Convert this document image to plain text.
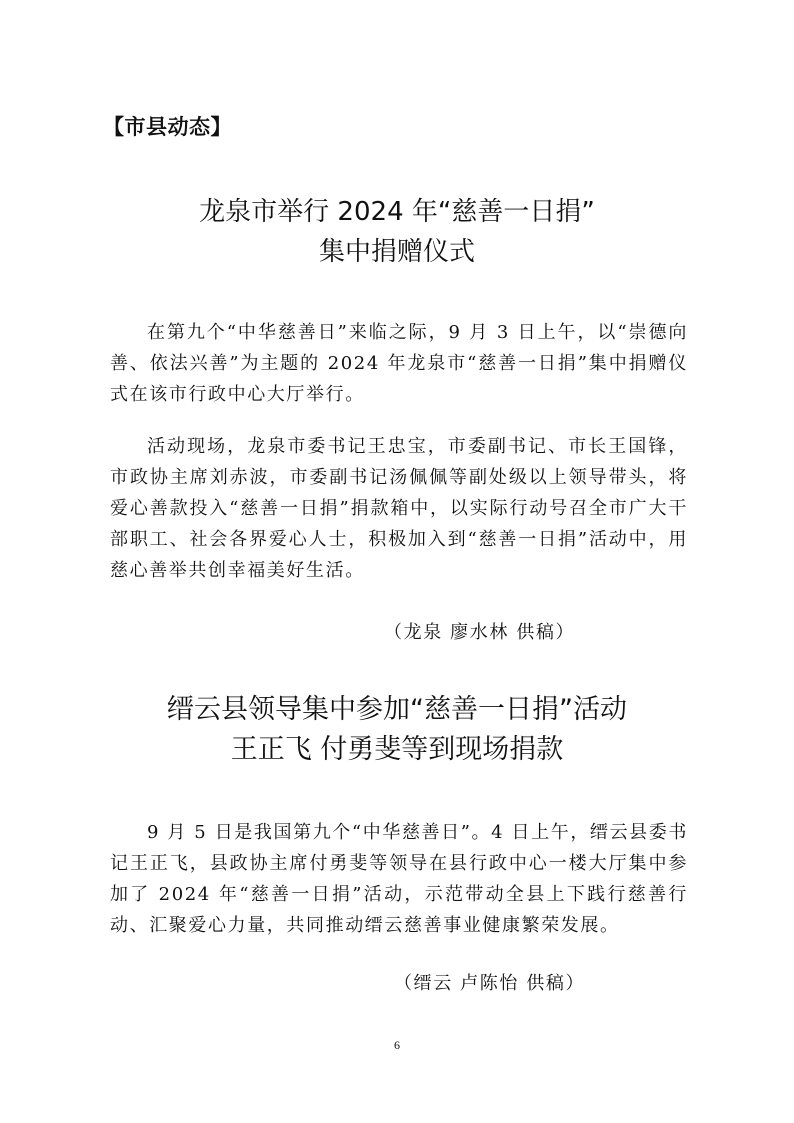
【市县动态】
龙泉市举行 2024 年“慈善一日捐”
集中捐赠仪式

在第九个“中华慈善日”来临之际，9 月 3 日上午，以“崇德向善、依法兴善”为主题的 2024 年龙泉市“慈善一日捐”集中捐赠仪式在该市行政中心大厅举行。

活动现场，龙泉市委书记王忠宝，市委副书记、市长王国锋，市政协主席刘赤波，市委副书记汤佩佩等副处级以上领导带头，将爱心善款投入“慈善一日捐”捐款箱中，以实际行动号召全市广大干部职工、社会各界爱心人士，积极加入到“慈善一日捐”活动中，用慈心善举共创幸福美好生活。

（龙泉 廖水林 供稿）
缙云县领导集中参加“慈善一日捐”活动
王正飞 付勇斐等到现场捐款

9 月 5 日是我国第九个“中华慈善日”。4 日上午，缙云县委书记王正飞，县政协主席付勇斐等领导在县行政中心一楼大厅集中参加了 2024 年“慈善一日捐”活动，示范带动全县上下践行慈善行动、汇聚爱心力量，共同推动缙云慈善事业健康繁荣发展。

（缙云 卢陈怡 供稿）
6
